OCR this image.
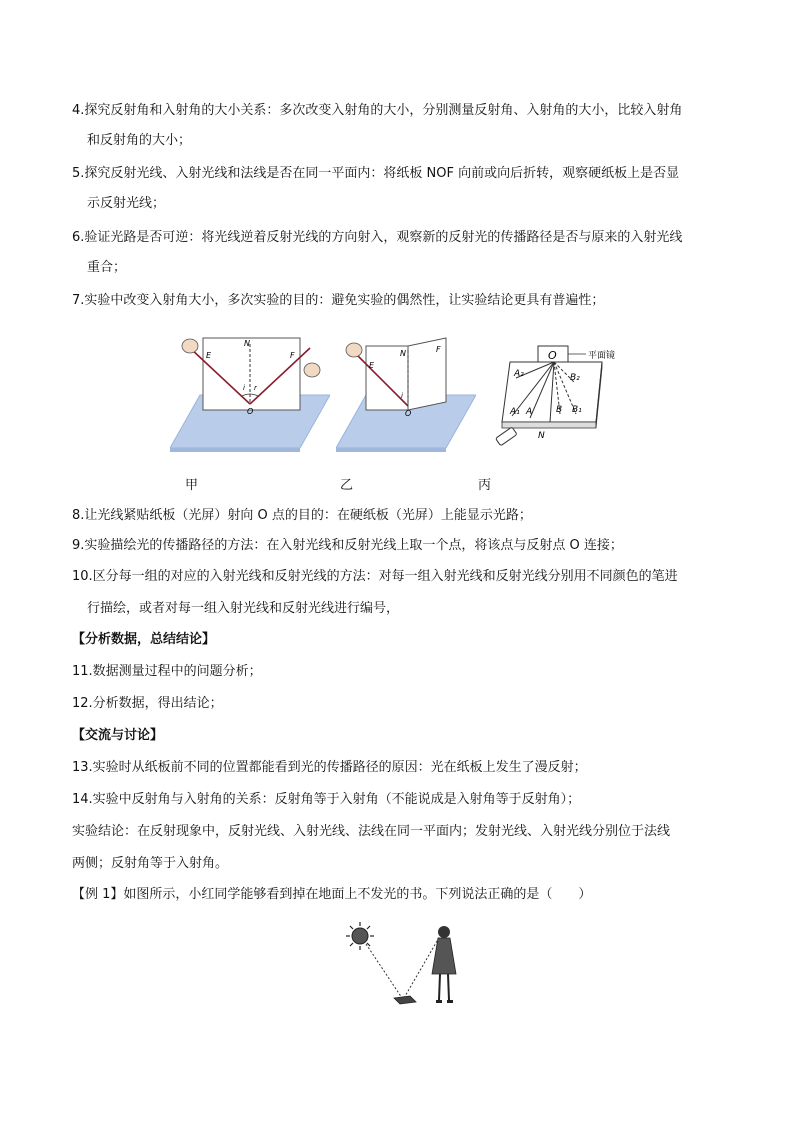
4.探究反射角和入射角的大小关系：多次改变入射角的大小，分别测量反射角、入射角的大小，比较入射角
和反射角的大小；
5.探究反射光线、入射光线和法线是否在同一平面内：将纸板 NOF 向前或向后折转，观察硬纸板上是否显
示反射光线；
6.验证光路是否可逆：将光线逆着反射光线的方向射入，观察新的反射光的传播路径是否与原来的入射光线
重合；
7.实验中改变入射角大小，多次实验的目的：避免实验的偶然性，让实验结论更具有普遍性；
N
E	F
O
i r
甲
N
E
F
O
i
乙
O	平面镜
A₂	B₂
A₁ A	B B₁
N
丙
8.让光线紧贴纸板（光屏）射向 O 点的目的：在硬纸板（光屏）上能显示光路；
9.实验描绘光的传播路径的方法：在入射光线和反射光线上取一个点，将该点与反射点 O 连接；
10.区分每一组的对应的入射光线和反射光线的方法：对每一组入射光线和反射光线分别用不同颜色的笔进
行描绘，或者对每一组入射光线和反射光线进行编号，
【分析数据，总结结论】
11.数据测量过程中的问题分析；
12.分析数据，得出结论；
【交流与讨论】
13.实验时从纸板前不同的位置都能看到光的传播路径的原因：光在纸板上发生了漫反射；
14.实验中反射角与入射角的关系：反射角等于入射角（不能说成是入射角等于反射角）；
实验结论：在反射现象中，反射光线、入射光线、法线在同一平面内；发射光线、入射光线分别位于法线
两侧；反射角等于入射角。
【例 1】如图所示，小红同学能够看到掉在地面上不发光的书。下列说法正确的是（　　）
